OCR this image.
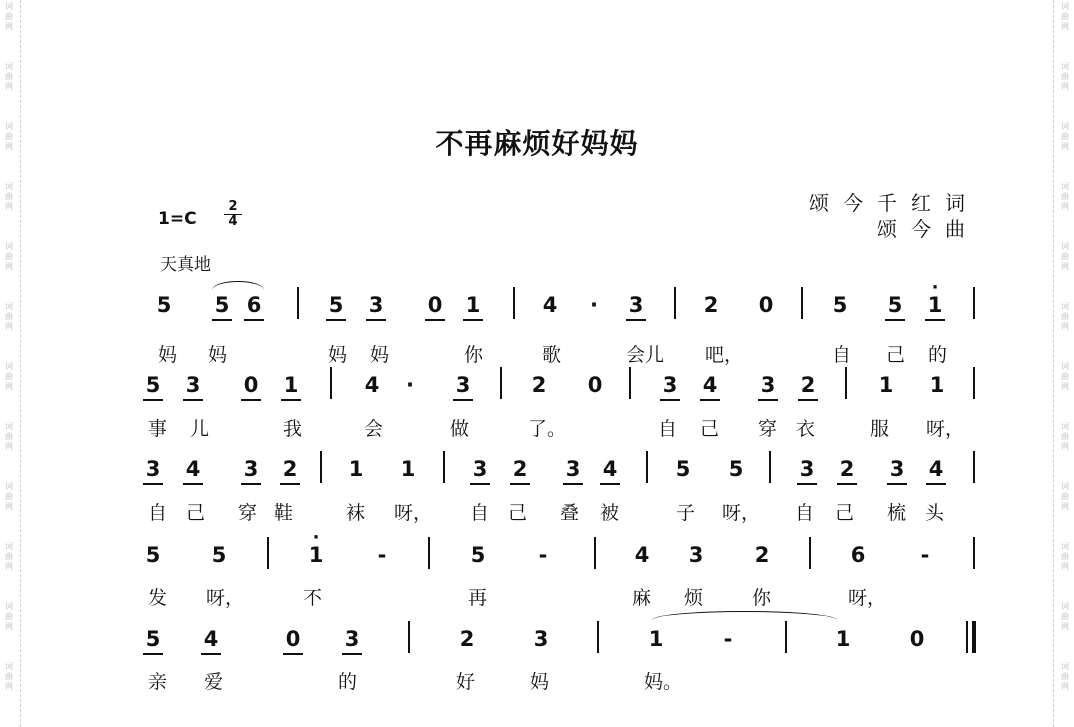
词曲网
词曲网
词曲网
词曲网
词曲网
词曲网
词曲网
词曲网
词曲网
词曲网
词曲网
词曲网
词曲网
词曲网
词曲网
词曲网
词曲网
词曲网
词曲网
词曲网
词曲网
词曲网
词曲网
词曲网
不再麻烦好妈妈
颂今千红词
颂今曲
1=C
2
4
天真地
5 5 6	5 3 0 1	4 · 3	2 0	5 5 · 1
妈 妈	妈 妈	你	歌	会儿 吧，	自 己 的
5 3 0 1	4 · 3	2 0	3 4 3 2	1 1
事 儿	我	会	做	了。	自 己 穿 衣	服 呀，
3 4 3 2 1 1	3 2 3 4	5 5	3 2 3 4
自 己 穿 鞋	袜 呀， 自 己 叠 被	子 呀， 自 己 梳 头
5 5	· 1	-	5	-	4 3 2	6	-
发 呀，	不	再	麻 烦	你	呀，
5 4	0 3	2	3	1	-	1	0
亲 爱	的	好	妈	妈。
